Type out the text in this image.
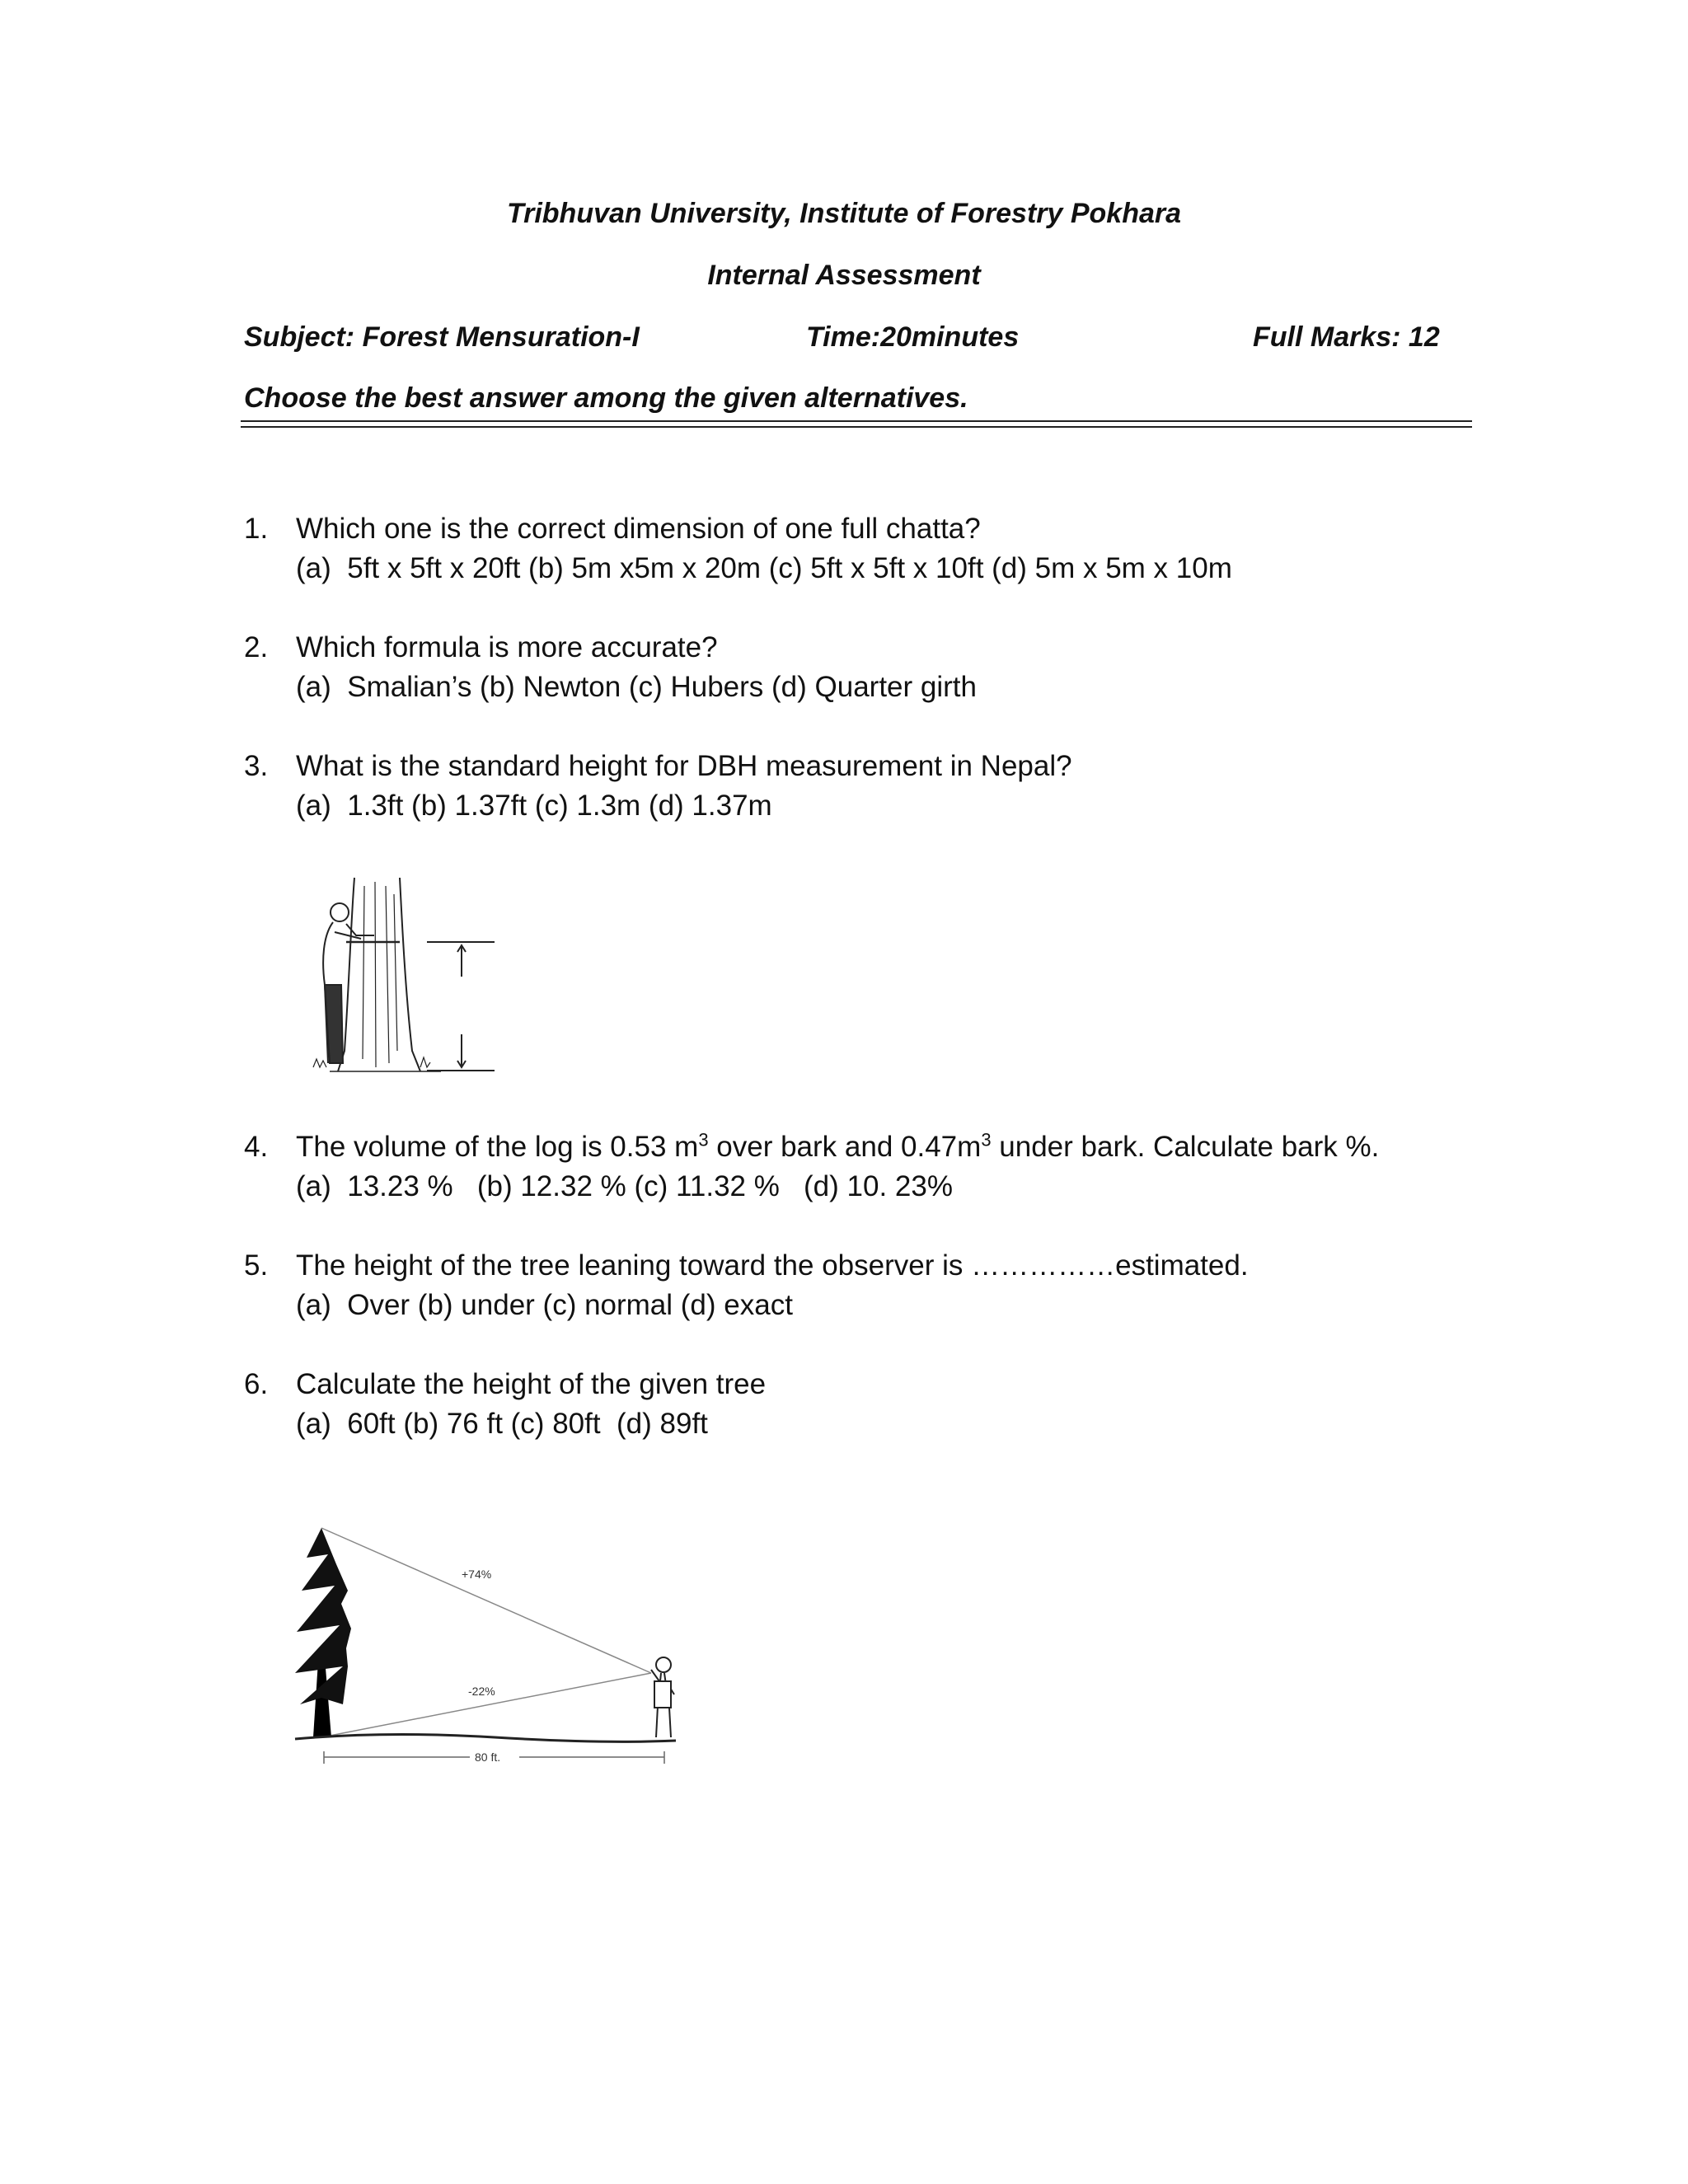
Tribhuvan University, Institute of Forestry Pokhara
Internal Assessment
Subject: Forest Mensuration-I	Time:20minutes	Full Marks: 12
Choose the best answer among the given alternatives.
1. Which one is the correct dimension of one full chatta?
(a)  5ft x 5ft x 20ft (b) 5m x5m x 20m (c) 5ft x 5ft x 10ft (d) 5m x 5m x 10m
2. Which formula is more accurate?
(a)  Smalian’s (b) Newton (c) Hubers (d) Quarter girth
3. What is the standard height for DBH measurement in Nepal?
(a)  1.3ft (b) 1.37ft (c) 1.3m (d) 1.37m
4. The volume of the log is 0.53 $m^3$ over bark and $0.47m^3$ under bark. Calculate bark %.
(a)  13.23 %   (b) 12.32 % (c) 11.32 %   (d) 10. 23%
5. The height of the tree leaning toward the observer is ……………estimated.
(a)  Over (b) under (c) normal (d) exact
6. Calculate the height of the given tree
(a)  60ft (b) 76 ft (c) 80ft  (d) 89ft
+74%
-22%
80 ft.
